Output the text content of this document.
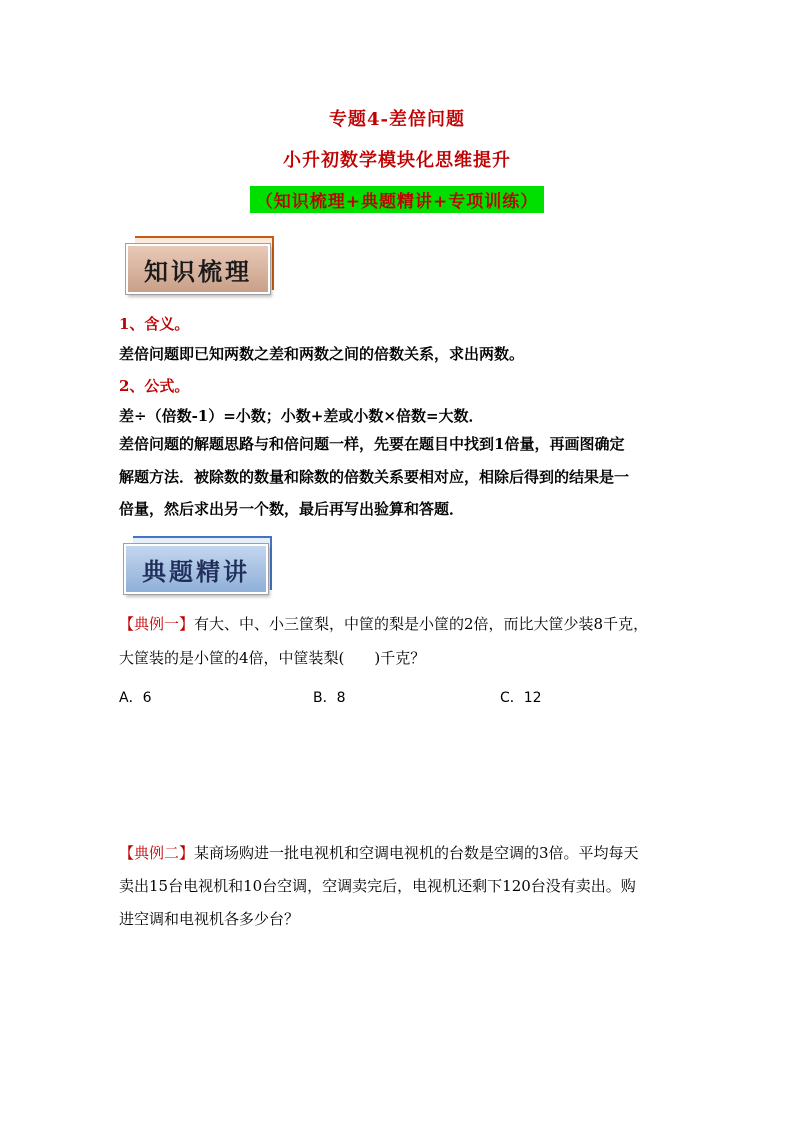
专题4-差倍问题
小升初数学模块化思维提升
（知识梳理+典题精讲+专项训练）
知识梳理
1、含义。
差倍问题即已知两数之差和两数之间的倍数关系，求出两数。
2、公式。
差÷（倍数-1）=小数；小数+差或小数×倍数=大数．
差倍问题的解题思路与和倍问题一样，先要在题目中找到1倍量，再画图确定
解题方法．被除数的数量和除数的倍数关系要相对应，相除后得到的结果是一
倍量，然后求出另一个数，最后再写出验算和答题．
典题精讲
【典例一】有大、中、小三筐梨，中筐的梨是小筐的2倍，而比大筐少装8千克，
大筐装的是小筐的4倍，中筐装梨(　　)千克？
A．6	B．8	C．12
【典例二】某商场购进一批电视机和空调电视机的台数是空调的3倍。平均每天
卖出15台电视机和10台空调，空调卖完后，电视机还剩下120台没有卖出。购
进空调和电视机各多少台？
